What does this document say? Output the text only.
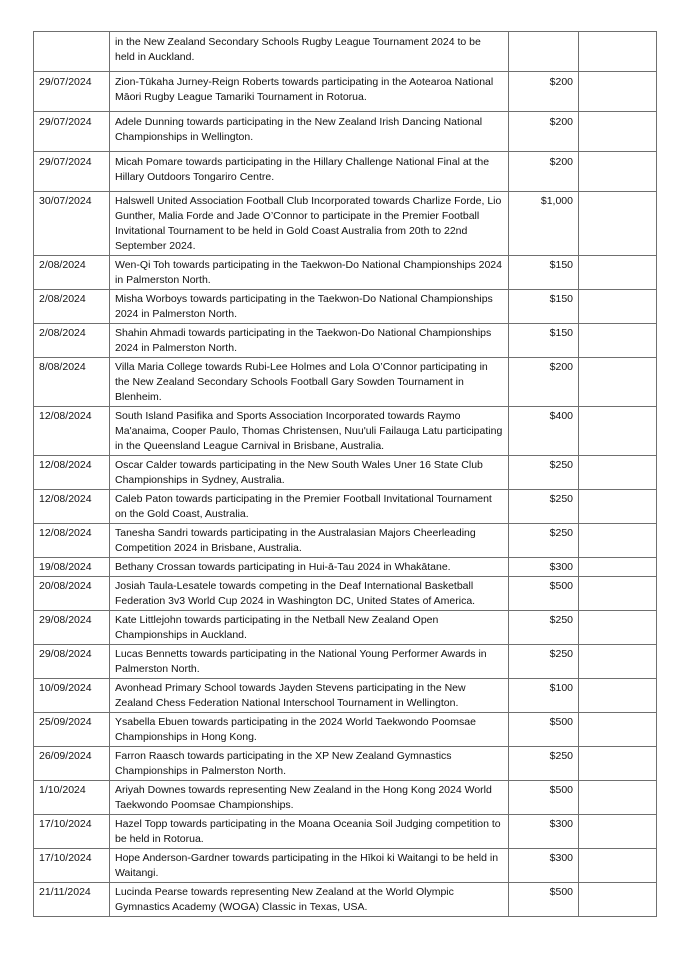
	in the New Zealand Secondary Schools Rugby League Tournament 2024 to be held in Auckland.		
29/07/2024	Zion-Tūkaha Jurney-Reign Roberts towards participating in the Aotearoa National Māori Rugby League Tamariki Tournament in Rotorua.	$200	
29/07/2024	Adele Dunning towards participating in the New Zealand Irish Dancing National Championships in Wellington.	$200	
29/07/2024	Micah Pomare towards participating in the Hillary Challenge National Final at the Hillary Outdoors Tongariro Centre.	$200	
30/07/2024	Halswell United Association Football Club Incorporated towards Charlize Forde, Lio Gunther, Malia Forde and Jade O’Connor to participate in the Premier Football Invitational Tournament to be held in Gold Coast Australia from 20th to 22nd September 2024.	$1,000	
2/08/2024	Wen-Qi Toh towards participating in the Taekwon-Do National Championships 2024 in Palmerston North.	$150	
2/08/2024	Misha Worboys towards participating in the Taekwon-Do National Championships 2024 in Palmerston North.	$150	
2/08/2024	Shahin Ahmadi towards participating in the Taekwon-Do National Championships 2024 in Palmerston North.	$150	
8/08/2024	Villa Maria College towards Rubi-Lee Holmes and Lola O’Connor participating in the New Zealand Secondary Schools Football Gary Sowden Tournament in Blenheim.	$200	
12/08/2024	South Island Pasifika and Sports Association Incorporated towards Raymo Ma'anaima, Cooper Paulo, Thomas Christensen, Nuu'uli Failauga Latu participating in the Queensland League Carnival in Brisbane, Australia.	$400	
12/08/2024	Oscar Calder towards participating in the New South Wales Uner 16 State Club Championships in Sydney, Australia.	$250	
12/08/2024	Caleb Paton towards participating in the Premier Football Invitational Tournament on the Gold Coast, Australia.	$250	
12/08/2024	Tanesha Sandri towards participating in the Australasian Majors Cheerleading Competition 2024 in Brisbane, Australia.	$250	
19/08/2024	Bethany Crossan towards participating in Hui-ā-Tau 2024 in Whakātane.	$300	
20/08/2024	Josiah Taula-Lesatele towards competing in the Deaf International Basketball Federation 3v3 World Cup 2024 in Washington DC, United States of America.	$500	
29/08/2024	Kate Littlejohn towards participating in the Netball New Zealand Open Championships in Auckland.	$250	
29/08/2024	Lucas Bennetts towards participating in the National Young Performer Awards in Palmerston North.	$250	
10/09/2024	Avonhead Primary School towards Jayden Stevens participating in the New Zealand Chess Federation National Interschool Tournament in Wellington.	$100	
25/09/2024	Ysabella Ebuen towards participating in the 2024 World Taekwondo Poomsae Championships in Hong Kong.	$500	
26/09/2024	Farron Raasch towards participating in the XP New Zealand Gymnastics Championships in Palmerston North.	$250	
1/10/2024	Ariyah Downes towards representing New Zealand in the Hong Kong 2024 World Taekwondo Poomsae Championships.	$500	
17/10/2024	Hazel Topp towards participating in the Moana Oceania Soil Judging competition to be held in Rotorua.	$300	
17/10/2024	Hope Anderson-Gardner towards participating in the Hīkoi ki Waitangi to be held in Waitangi.	$300	
21/11/2024	Lucinda Pearse towards representing New Zealand at the World Olympic Gymnastics Academy (WOGA) Classic in Texas, USA.	$500	
